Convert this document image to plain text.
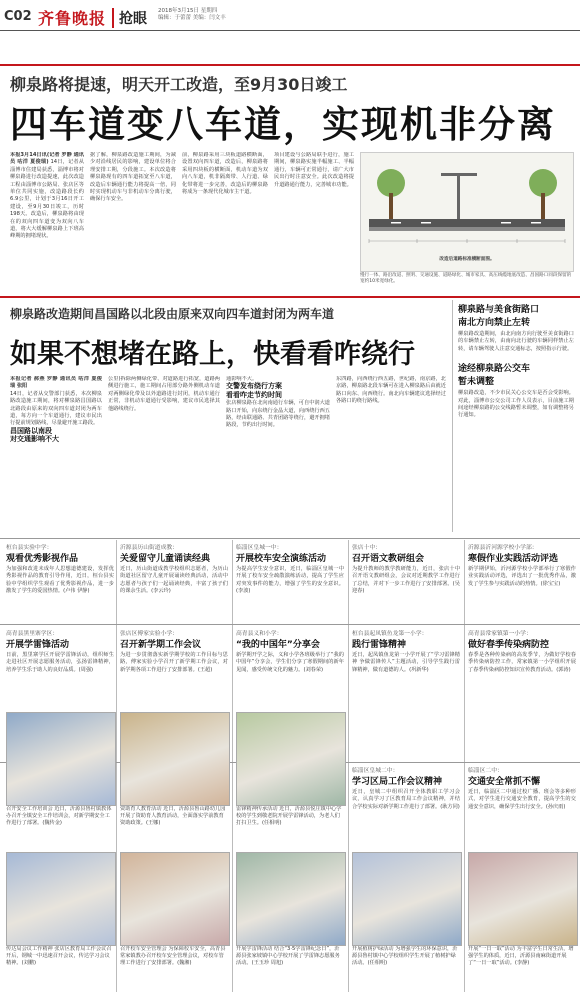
C02 齐鲁晚报 抢眼 2018年3月15日 星期四
编辑：于蕾蕾 美编：闫文丰
柳泉路将提速，明天开工改造，至9月30日竣工
四车道变八车道，实现机非分离
本报3月14日讯(记者 罗静 通讯员 咕洋 夏俊瑞) 14日，记者从淄博市住建局获悉，淄博市将对柳泉路进行改造提速，此次改造工程由淄博市公路局、张店区等单位共同实施，改造路段长约6.9公里，计划于3月16日开工建设，至9月30日竣工，历时198天。改造后，柳泉路将由现在的双向四车道变为双向八车道，将大大缓解柳泉路上下班高峰期的拥堵现状。
据了解，柳泉路改造施工期间，为减少对沿线居民的影响，建设单位将合理安排工期，分段施工。本次改造将柳泉路现有的四车道拓宽至八车道，改造后车辆通行能力将提高一倍，同时实现机动车与非机动车分离行驶，确保行车安全。
前，柳泉路采用三块板道路横断面，设置双向四车道，改造后，柳泉路将采用四块板的横断面，机动车道为双向八车道，机非隔离带、人行道、绿化带将进一步完善，改造后的柳泉路将成为一条现代化城市主干道。
项目建设与公路局联手进行，施工期间，柳泉路实施半幅施工、半幅通行，车辆可正常通行，请广大市民出行时注意安全。此次改造将提升道路通行能力，完善城市功能。
改造后道路标准横断面图。
慢行一体、路沿改道、照明、交通设施、道路绿化、城市家具、高压线缆地底改造、昌国路口同段保留的宽约10米宽绿化。
柳泉路改造期间昌国路以北段由原来双向四车道封闭为两车道
如果不想堵在路上，快看看咋绕行
本报记者 郝燕 罗静 通讯员 咕洋 夏俊瑞 张阳
14日，记者从交警部门获悉，本次柳泉路改造施工期间，将对柳泉路昌国路以北路段由原来的双向四车道封闭为两车道，每方向一个车道通行，建议市民出行提前规划路线，尽量避开施工路段。
昌国路以南段
对交通影响不大
公里)拆除两侧绿化带、对道路进行拓宽，道路两侧进行施工，施工期间占用部分路外侧机动车道对两侧绿化带及以外道路进行封闭，机动车通行正常，非机动车道通行受影响，建议市民选择其他路线绕行。
通影响不大。
交警发布绕行方案
看看咋走节约时间
张店柳泉路在北向南通行车辆，可自中润大道路口开始，向东绕行金晶大道，向西绕行西五路，经由联通路、共青团路等绕行，避开拥堵路段，节约出行时间。
东四路，向西绕行西五路，世纪路，南京路，北京路，柳泉路北段车辆可在进入柳泉路后由就近路口向东、向西绕行。南北向车辆建议选择经过各路口的绕行路线。
柳泉路与美食街路口
南北方向禁止左转
柳泉路改造期间，由北向南方向行驶至美食街路口的车辆禁止左转，由南向北行驶的车辆同样禁止左转，请车辆驾驶人注意交通标志，按照指示行驶。
途经柳泉路公交车
暂未调整
柳泉路改造，不少市民关心公交车是否会受影响。对此，淄博市公交公司工作人员表示，目前施工期间途经柳泉路的公交线路暂未调整，如有调整将另行通知。
桓台县实验中学：
观看优秀影视作品
为加强和改进未成年人思想道德建设，发挥优秀影视作品的教育引导作用，近日，桓台县实验中学组织学生观看了优秀影视作品，进一步激发了学生的爱国热情。(卢伟 伊静)
沂源县历山街道成教：
关爱留守儿童诵读经典
近日，历山街道成教学校组织志愿者，为历山街道社区留守儿童开展诵读经典活动，活动中志愿者与孩子们一起诵读经典，丰富了孩子们的课余生活。(李云玲)
临淄区皇城一中：
开展校车安全演练活动
为提高学生安全意识，近日，临淄区皇城一中开展了校车安全疏散演练活动，提高了学生应对突发事件的能力，增强了学生的安全意识。(李波)
张店十中：
召开语文教研组会
为提升教师的教学教研能力，近日，张店十中召开语文教研组会，会议对近期教学工作进行了总结，并对下一步工作进行了安排部署。(吴迎春)
沂源县沂河源学校小学部：
寒假作业实践活动评选
新学期伊始，沂河源学校小学部举行了寒假作业实践活动评选，评选出了一批优秀作品，激发了学生参与实践活动的热情。(徐宝宝)
高青县黑里寨学区：
开展学雷锋活动
日前，黑里寨学区开展学雷锋活动，组织师生走进社区开展志愿服务活动，弘扬雷锋精神，培养学生乐于助人的良好品质。(周强)
张店区傅家实验小学：
召开新学期工作会议
为进一步贯彻落实新学期学校的工作目标与思路，傅家实验小学召开了新学期工作会议，对新学期各项工作进行了安排部署。(王超)
高青县义和小学：
“我的中国年”分享会
新学期开学之际，义和小学各班级举行了“我的中国年”分享会，学生们分享了寒假期间的新年见闻，感受传统文化的魅力。(刘春荣)
桓台县起凤镇鱼龙第一小学：
践行雷锋精神
近日，起凤镇鱼龙第一小学开展了“学习雷锋精神 争做雷锋传人”主题活动，引导学生践行雷锋精神，做有道德的人。(巩新华)
高青县常家镇第一小学：
做好春季传染病防控
春季是各种传染病的高发季节，为做好学校春季传染病防控工作，常家镇第一小学组织开展了春季传染病防控知识宣传教育活动。(郭涛)
临淄区皇城二中：
学习区局工作会议精神
近日，皇城二中组织召开全体教职工学习会议，认真学习了区教育局工作会议精神，并结合学校实际对新学期工作进行了部署。(耿方同)
临淄区二中：
交通安全常抓不懈
近日，临淄区二中通过校广播、班会等多种形式，对学生进行交通安全教育，提高学生的交通安全意识，确保学生出行安全。(孙庆雨)
召开安全工作培训会 近日，沂源县鲁村镇教体办召开全镇安全工作培训会，对新学期安全工作进行了部署。(魏传金)
资助育人教育活动 近日，沂源县鲁山路幼儿园开展了资助育人教育活动，全面落实学前教育资助政策。(王娜)
雷锋精神传承活动 近日，沂源县悦庄镇中心学校的学生到敬老院开展学雷锋活动，为老人们打扫卫生。(任相明)
传达局会议工作精神 张店区教育局工作会议召开后，钢城一中迅速召开会议，传达学习会议精神。(刘鹏)
召开校车安全管理会 为保障校车安全，高青县常家镇教办召开校车安全管理会议，对校车管理工作进行了安排部署。(魏湘)
开展学雷锋活动 结合“3·5学雷锋纪念日”，沂源县张家坡镇中心学校开展了学雷锋志愿服务活动。(王玉珍 周旭)
开展植树护绿活动 为增强学生的环保意识，沂源县鲁村镇中心学校组织学生开展了植树护绿活动。(任相明)
开展“一日一取”活动 为丰富学生日常生活，增强学生的体质，近日，沂源县南麻街道开展了“一日一取”活动。(李静)
